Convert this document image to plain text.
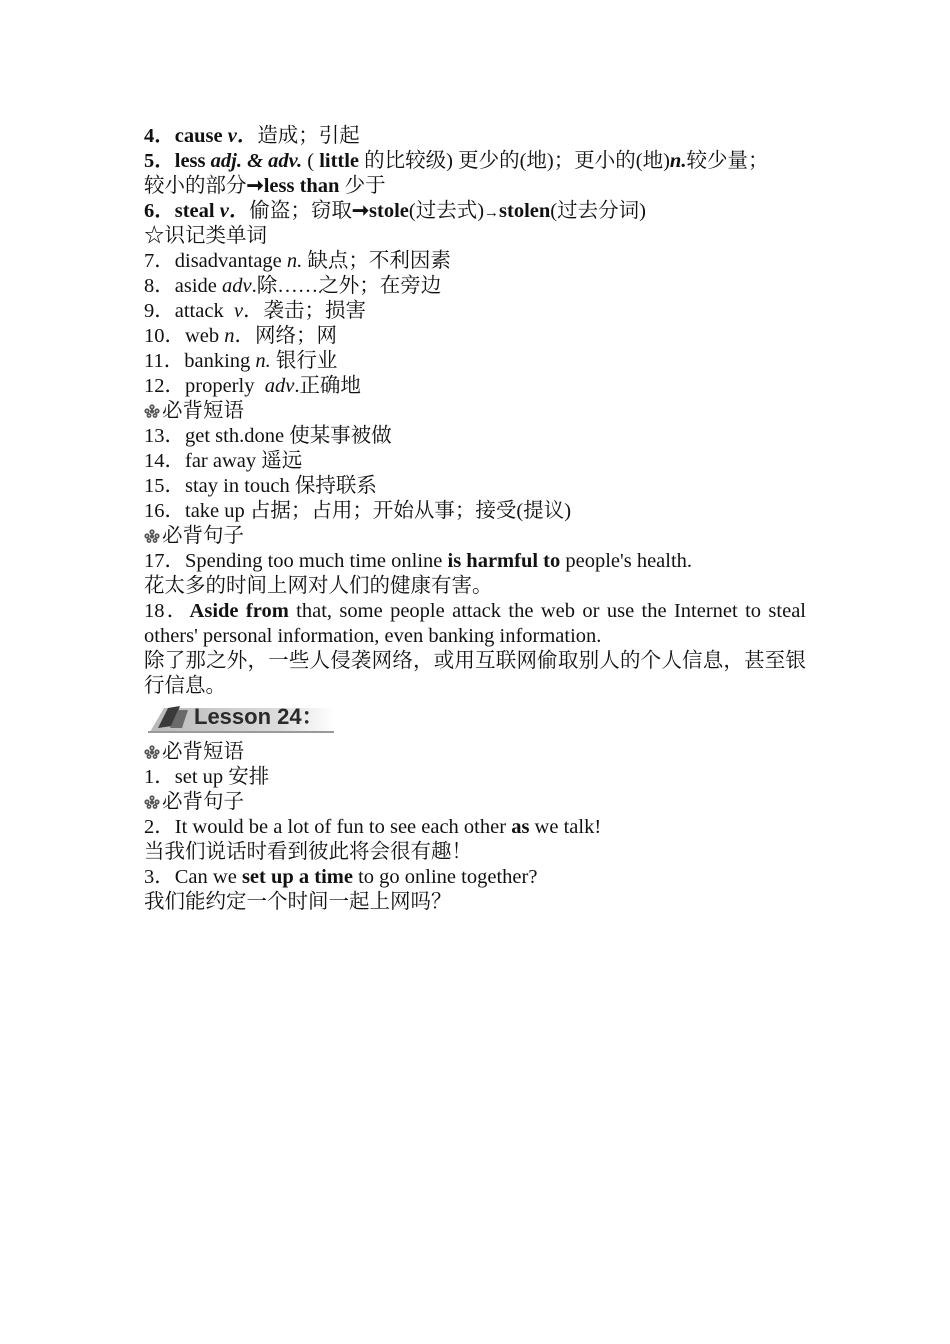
4．cause v．造成；引起
5．less adj. & adv. ( little 的比较级) 更少的(地)；更小的(地)n.较少量；
较小的部分➞less than 少于
6．steal v．偷盗；窃取➞stole(过去式)→stolen(过去分词)
☆识记类单词
7．disadvantage n. 缺点；不利因素
8．aside adv.除……之外；在旁边
9．attack  v．袭击；损害
10．web n．网络；网
11．banking n. 银行业
12．properly  adv.正确地
必背短语
13．get sth.done 使某事被做
14．far away 遥远
15．stay in touch 保持联系
16．take up 占据；占用；开始从事；接受(提议)
必背句子
17．Spending too much time online is harmful to people's health.
花太多的时间上网对人们的健康有害。
18．Aside from that, some people attack the web or use the Internet to steal others' personal information, even banking information.
除了那之外，一些人侵袭网络，或用互联网偷取别人的个人信息，甚至银行信息。
Lesson 24：
必背短语
1．set up 安排
必背句子
2．It would be a lot of fun to see each other as we talk!
当我们说话时看到彼此将会很有趣！
3．Can we set up a time to go online together?
我们能约定一个时间一起上网吗？
